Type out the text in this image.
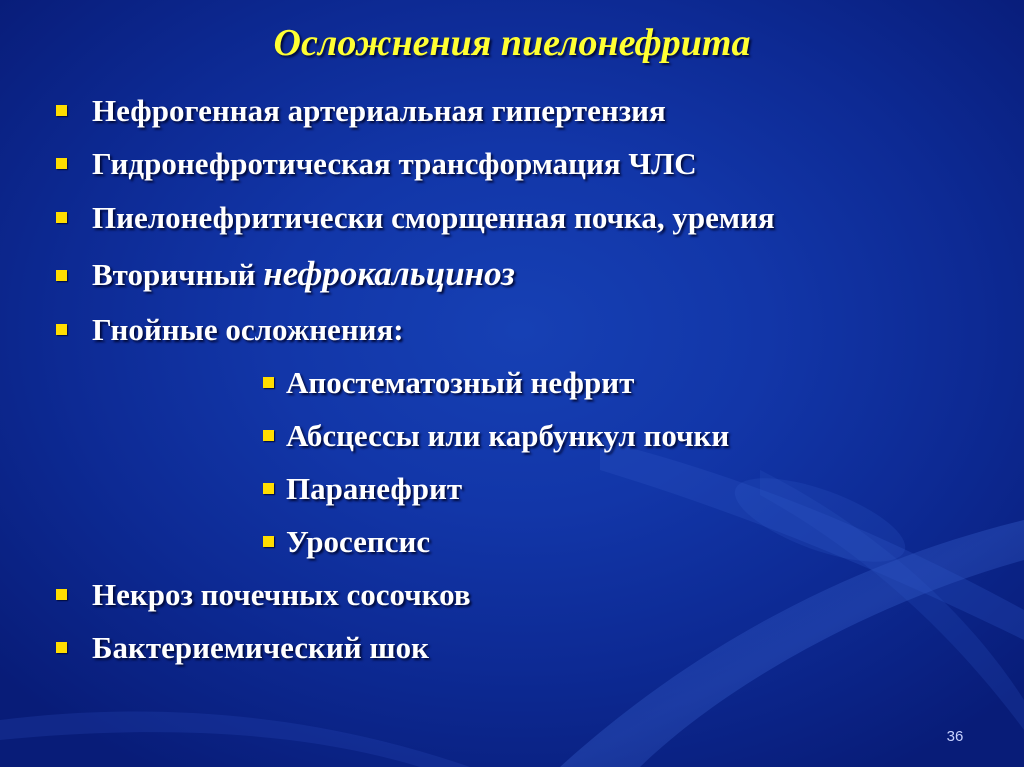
Осложнения пиелонефрита
Нефрогенная артериальная гипертензия
Гидронефротическая трансформация ЧЛС
Пиелонефритически сморщенная почка, уремия
Вторичный нефрокальциноз
Гнойные осложнения:
Апостематозный нефрит
Абсцессы или карбункул почки
Паранефрит
Уросепсис
Некроз почечных сосочков
Бактериемический шок
36
